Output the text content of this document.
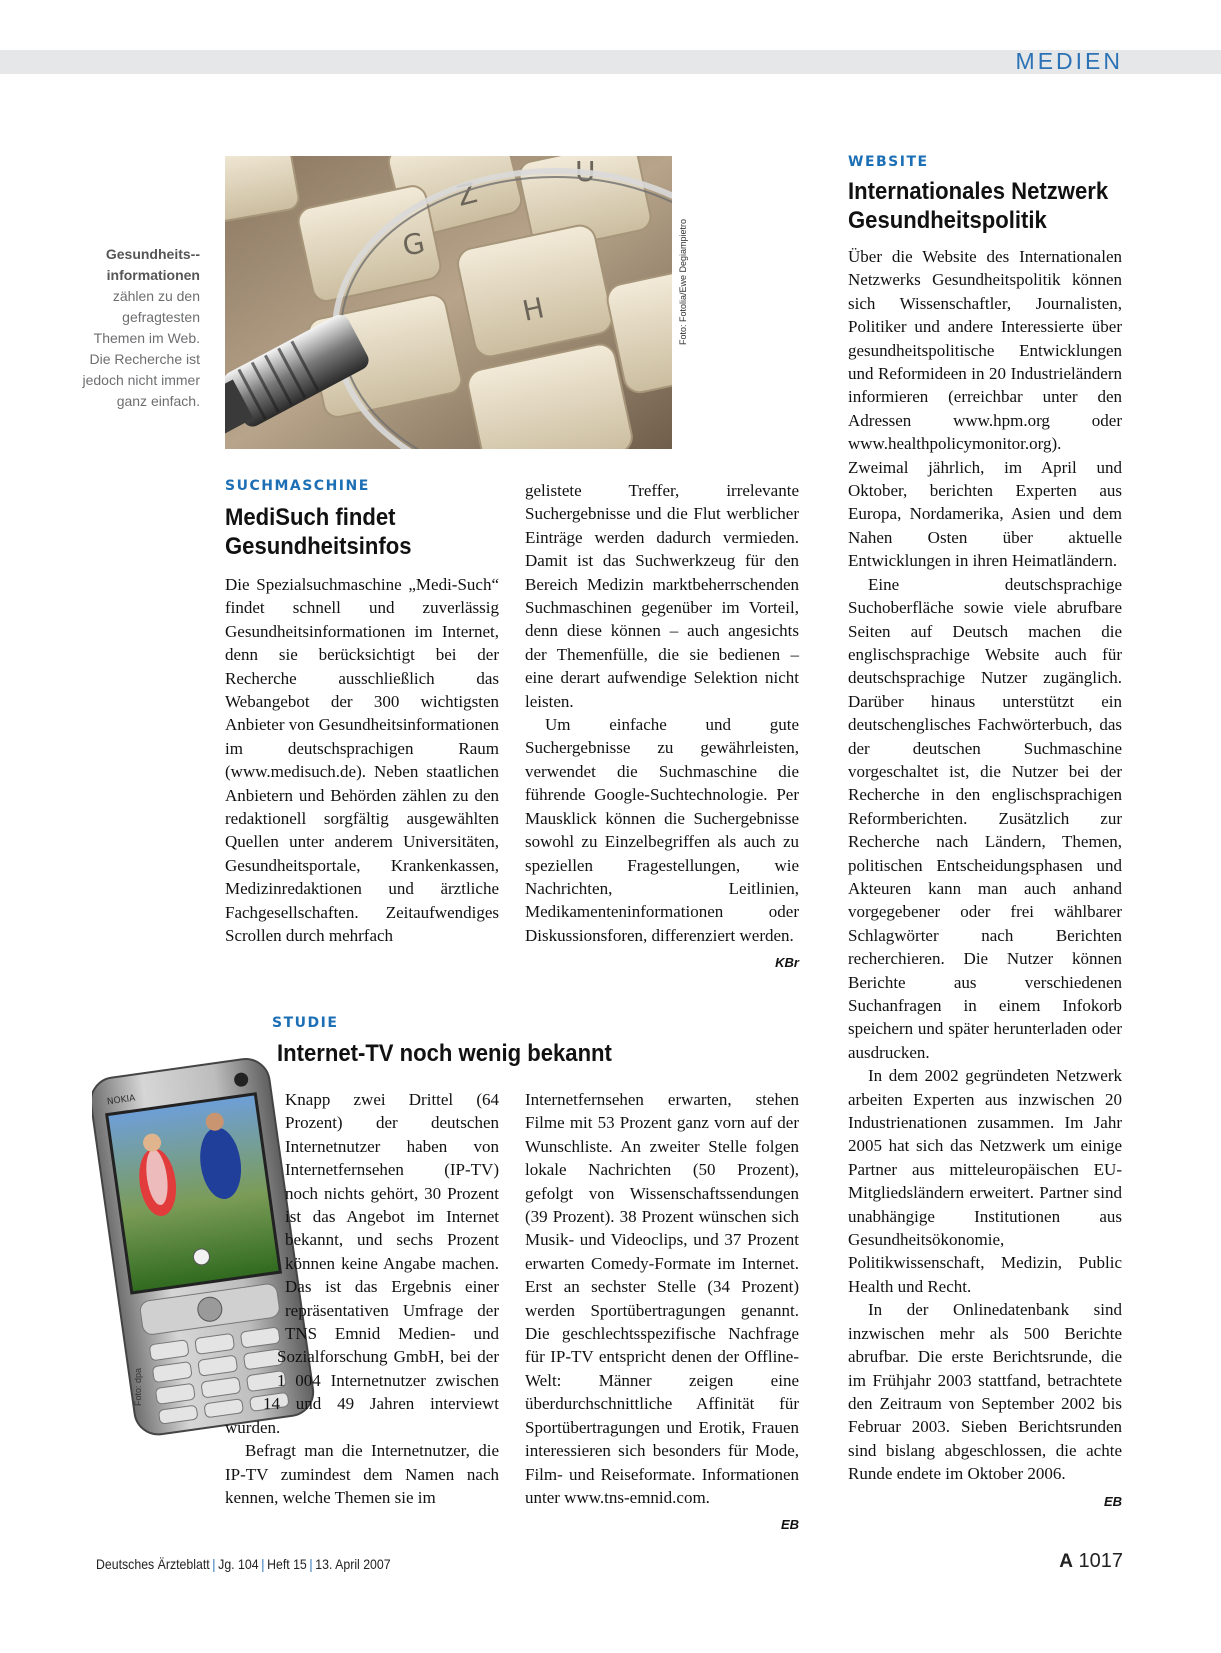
MEDIEN
Gesundheits-informationen
zählen zu den gefragtesten Themen im Web. Die Recherche ist jedoch nicht immer ganz einfach.
Z
H
G
U
Foto: Fotolia/Ewe Degiampietro
SUCHMASCHINE
MediSuch findet Gesundheitsinfos

Die Spezialsuchmaschine „Medi-Such“ findet schnell und zuverlässig Gesundheitsinformationen im Internet, denn sie berücksichtigt bei der Recherche ausschließlich das Webangebot der 300 wichtigsten Anbieter von Gesundheitsinformationen im deutschsprachigen Raum (www.medisuch.de). Neben staatlichen Anbietern und Behörden zählen zu den redaktionell sorgfältig ausgewählten Quellen unter anderem Universitäten, Gesundheitsportale, Krankenkassen, Medizinredaktionen und ärztliche Fachgesellschaften. Zeitaufwendiges Scrollen durch mehrfach

gelistete Treffer, irrelevante Suchergebnisse und die Flut werblicher Einträge werden dadurch vermieden. Damit ist das Suchwerkzeug für den Bereich Medizin marktbeherrschenden Suchmaschinen gegenüber im Vorteil, denn diese können – auch angesichts der Themenfülle, die sie bedienen – eine derart aufwendige Selektion nicht leisten.

Um einfache und gute Suchergebnisse zu gewährleisten, verwendet die Suchmaschine die führende Google-Suchtechnologie. Per Mausklick können die Suchergebnisse sowohl zu Einzelbegriffen als auch zu speziellen Fragestellungen, wie Nachrichten, Leitlinien, Medikamenteninformationen oder Diskussionsforen, differenziert werden.

KBr
STUDIE
Internet-TV noch wenig bekannt
NOKIA
Foto: dpa

Knapp zwei Drittel (64 Prozent) der deutschen Internetnutzer haben von Internetfernsehen (IP-TV) noch nichts gehört, 30 Prozent ist das Angebot im Internet bekannt, und sechs Prozent können keine Angabe machen. Das ist das Ergebnis einer repräsentativen Umfrage der TNS Emnid Medien- und Sozialforschung GmbH, bei der 1 004 Internetnutzer zwischen 14 und 49 Jahren interviewt wurden.

Befragt man die Internetnutzer, die IP-TV zumindest dem Namen nach kennen, welche Themen sie im

Internetfernsehen erwarten, stehen Filme mit 53 Prozent ganz vorn auf der Wunschliste. An zweiter Stelle folgen lokale Nachrichten (50 Prozent), gefolgt von Wissenschaftssendungen (39 Prozent). 38 Prozent wünschen sich Musik- und Videoclips, und 37 Prozent erwarten Comedy-Formate im Internet. Erst an sechster Stelle (34 Prozent) werden Sportübertragungen genannt. Die geschlechtsspezifische Nachfrage für IP-TV entspricht denen der Offline-Welt: Männer zeigen eine überdurchschnittliche Affinität für Sportübertragungen und Erotik, Frauen interessieren sich besonders für Mode, Film- und Reiseformate. Informationen unter www.tns-emnid.com.

EB
WEBSITE
Internationales Netzwerk Gesundheitspolitik

Über die Website des Internationalen Netzwerks Gesundheitspolitik können sich Wissenschaftler, Journalisten, Politiker und andere Interessierte über gesundheitspolitische Entwicklungen und Reformideen in 20 Industrieländern informieren (erreichbar unter den Adressen www.hpm.org oder www.healthpolicymonitor.org). Zweimal jährlich, im April und Oktober, berichten Experten aus Europa, Nordamerika, Asien und dem Nahen Osten über aktuelle Entwicklungen in ihren Heimatländern.

Eine deutschsprachige Suchoberfläche sowie viele abrufbare Seiten auf Deutsch machen die englischsprachige Website auch für deutschsprachige Nutzer zugänglich. Darüber hinaus unterstützt ein deutschenglisches Fachwörterbuch, das der deutschen Suchmaschine vorgeschaltet ist, die Nutzer bei der Recherche in den englischsprachigen Reformberichten. Zusätzlich zur Recherche nach Ländern, Themen, politischen Entscheidungsphasen und Akteuren kann man auch anhand vorgegebener oder frei wählbarer Schlagwörter nach Berichten recherchieren. Die Nutzer können Berichte aus verschiedenen Suchanfragen in einem Infokorb speichern und später herunterladen oder ausdrucken.

In dem 2002 gegründeten Netzwerk arbeiten Experten aus inzwischen 20 Industrienationen zusammen. Im Jahr 2005 hat sich das Netzwerk um einige Partner aus mitteleuropäischen EU-Mitgliedsländern erweitert. Partner sind unabhängige Institutionen aus Gesundheitsökonomie, Politikwissenschaft, Medizin, Public Health und Recht.

In der Onlinedatenbank sind inzwischen mehr als 500 Berichte abrufbar. Die erste Berichtsrunde, die im Frühjahr 2003 stattfand, betrachtete den Zeitraum von September 2002 bis Februar 2003. Sieben Berichtsrunden sind bislang abgeschlossen, die achte Runde endete im Oktober 2006.

EB
Deutsches Ärzteblatt | Jg. 104 | Heft 15 | 13. April 2007	A 1017
